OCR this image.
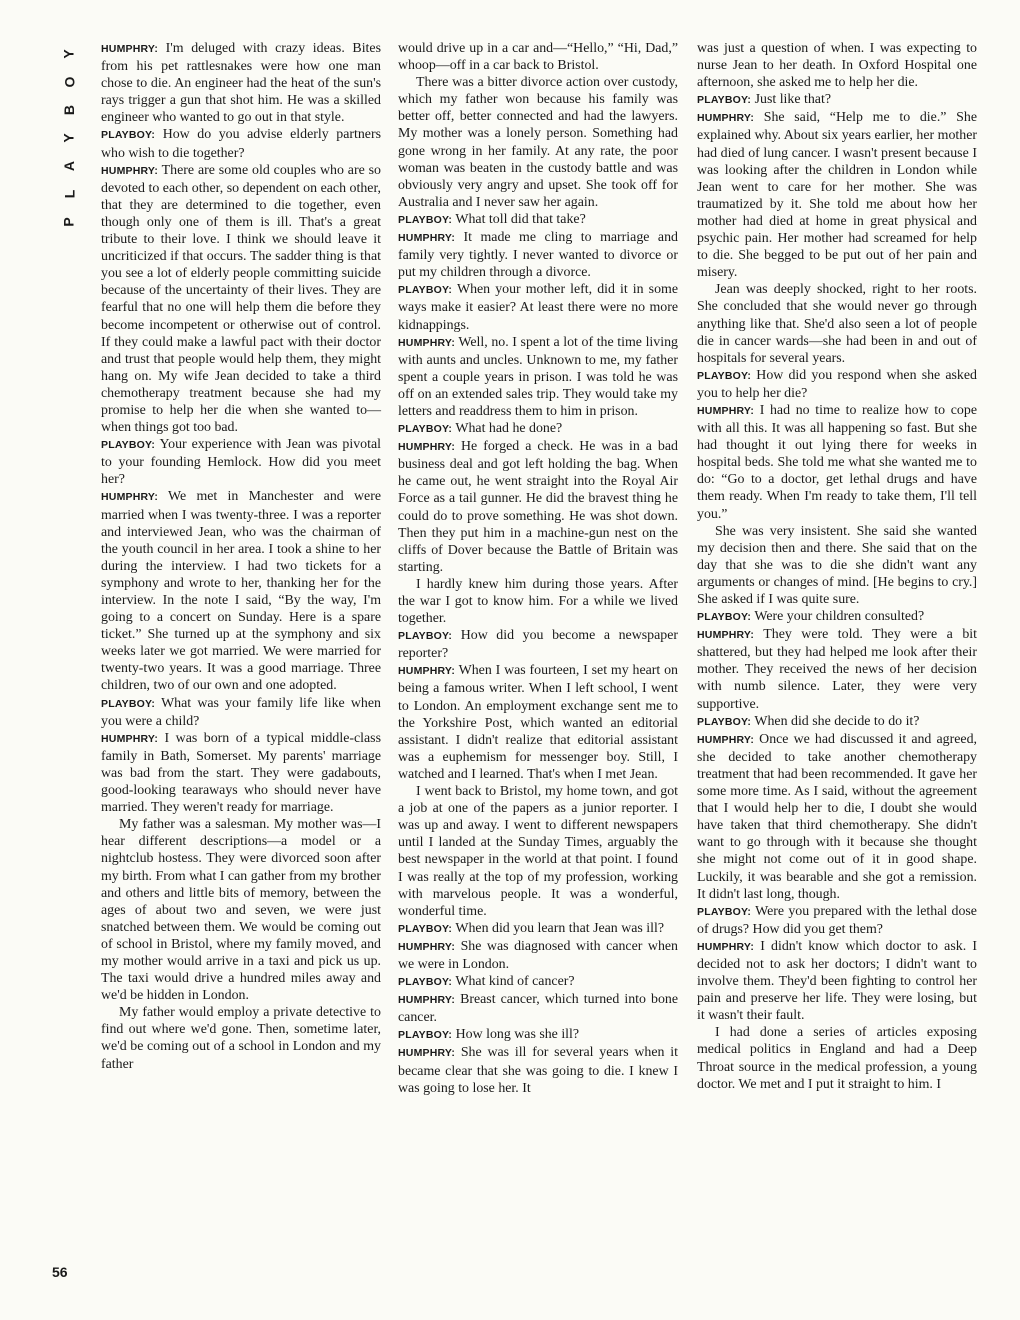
Y
O
B
Y
A
L
P

HUMPHRY: I'm deluged with crazy ideas. Bites from his pet rattlesnakes were how one man chose to die. An engineer had the heat of the sun's rays trigger a gun that shot him. He was a skilled engineer who wanted to go out in that style.

PLAYBOY: How do you advise elderly partners who wish to die together?

HUMPHRY: There are some old couples who are so devoted to each other, so dependent on each other, that they are determined to die together, even though only one of them is ill. That's a great tribute to their love. I think we should leave it uncriticized if that occurs. The sadder thing is that you see a lot of elderly people committing suicide because of the uncertainty of their lives. They are fearful that no one will help them die before they become incompetent or otherwise out of control. If they could make a lawful pact with their doctor and trust that people would help them, they might hang on. My wife Jean decided to take a third chemotherapy treatment because she had my promise to help her die when she wanted to—when things got too bad.

PLAYBOY: Your experience with Jean was pivotal to your founding Hemlock. How did you meet her?

HUMPHRY: We met in Manchester and were married when I was twenty-three. I was a reporter and interviewed Jean, who was the chairman of the youth council in her area. I took a shine to her during the interview. I had two tickets for a symphony and wrote to her, thanking her for the interview. In the note I said, “By the way, I'm going to a concert on Sunday. Here is a spare ticket.” She turned up at the symphony and six weeks later we got married. We were married for twenty-two years. It was a good marriage. Three children, two of our own and one adopted.

PLAYBOY: What was your family life like when you were a child?

HUMPHRY: I was born of a typical middle-class family in Bath, Somerset. My parents' marriage was bad from the start. They were gadabouts, good-looking tearaways who should never have married. They weren't ready for marriage.

My father was a salesman. My mother was—I hear different descriptions—a model or a nightclub hostess. They were divorced soon after my birth. From what I can gather from my brother and others and little bits of memory, between the ages of about two and seven, we were just snatched between them. We would be coming out of school in Bristol, where my family moved, and my mother would arrive in a taxi and pick us up. The taxi would drive a hundred miles away and we'd be hidden in London.

My father would employ a private detective to find out where we'd gone. Then, sometime later, we'd be coming out of a school in London and my father

would drive up in a car and—“Hello,” “Hi, Dad,” whoop—off in a car back to Bristol.

There was a bitter divorce action over custody, which my father won because his family was better off, better connected and had the lawyers. My mother was a lonely person. Something had gone wrong in her family. At any rate, the poor woman was beaten in the custody battle and was obviously very angry and upset. She took off for Australia and I never saw her again.

PLAYBOY: What toll did that take?

HUMPHRY: It made me cling to marriage and family very tightly. I never wanted to divorce or put my children through a divorce.

PLAYBOY: When your mother left, did it in some ways make it easier? At least there were no more kidnappings.

HUMPHRY: Well, no. I spent a lot of the time living with aunts and uncles. Unknown to me, my father spent a couple years in prison. I was told he was off on an extended sales trip. They would take my letters and readdress them to him in prison.

PLAYBOY: What had he done?

HUMPHRY: He forged a check. He was in a bad business deal and got left holding the bag. When he came out, he went straight into the Royal Air Force as a tail gunner. He did the bravest thing he could do to prove something. He was shot down. Then they put him in a machine-gun nest on the cliffs of Dover because the Battle of Britain was starting.

I hardly knew him during those years. After the war I got to know him. For a while we lived together.

PLAYBOY: How did you become a newspaper reporter?

HUMPHRY: When I was fourteen, I set my heart on being a famous writer. When I left school, I went to London. An employment exchange sent me to the Yorkshire Post, which wanted an editorial assistant. I didn't realize that editorial assistant was a euphemism for messenger boy. Still, I watched and I learned. That's when I met Jean.

I went back to Bristol, my home town, and got a job at one of the papers as a junior reporter. I was up and away. I went to different newspapers until I landed at the Sunday Times, arguably the best newspaper in the world at that point. I found I was really at the top of my profession, working with marvelous people. It was a wonderful, wonderful time.

PLAYBOY: When did you learn that Jean was ill?

HUMPHRY: She was diagnosed with cancer when we were in London.

PLAYBOY: What kind of cancer?

HUMPHRY: Breast cancer, which turned into bone cancer.

PLAYBOY: How long was she ill?

HUMPHRY: She was ill for several years when it became clear that she was going to die. I knew I was going to lose her. It

was just a question of when. I was expecting to nurse Jean to her death. In Oxford Hospital one afternoon, she asked me to help her die.

PLAYBOY: Just like that?

HUMPHRY: She said, “Help me to die.” She explained why. About six years earlier, her mother had died of lung cancer. I wasn't present because I was looking after the children in London while Jean went to care for her mother. She was traumatized by it. She told me about how her mother had died at home in great physical and psychic pain. Her mother had screamed for help to die. She begged to be put out of her pain and misery.

Jean was deeply shocked, right to her roots. She concluded that she would never go through anything like that. She'd also seen a lot of people die in cancer wards—she had been in and out of hospitals for several years.

PLAYBOY: How did you respond when she asked you to help her die?

HUMPHRY: I had no time to realize how to cope with all this. It was all happening so fast. But she had thought it out lying there for weeks in hospital beds. She told me what she wanted me to do: “Go to a doctor, get lethal drugs and have them ready. When I'm ready to take them, I'll tell you.”

She was very insistent. She said she wanted my decision then and there. She said that on the day that she was to die she didn't want any arguments or changes of mind. [He begins to cry.] She asked if I was quite sure.

PLAYBOY: Were your children consulted?

HUMPHRY: They were told. They were a bit shattered, but they had helped me look after their mother. They received the news of her decision with numb silence. Later, they were very supportive.

PLAYBOY: When did she decide to do it?

HUMPHRY: Once we had discussed it and agreed, she decided to take another chemotherapy treatment that had been recommended. It gave her some more time. As I said, without the agreement that I would help her to die, I doubt she would have taken that third chemotherapy. She didn't want to go through with it because she thought she might not come out of it in good shape. Luckily, it was bearable and she got a remission. It didn't last long, though.

PLAYBOY: Were you prepared with the lethal dose of drugs? How did you get them?

HUMPHRY: I didn't know which doctor to ask. I decided not to ask her doctors; I didn't want to involve them. They'd been fighting to control her pain and preserve her life. They were losing, but it wasn't their fault.

I had done a series of articles exposing medical politics in England and had a Deep Throat source in the medical profession, a young doctor. We met and I put it straight to him. I

56
